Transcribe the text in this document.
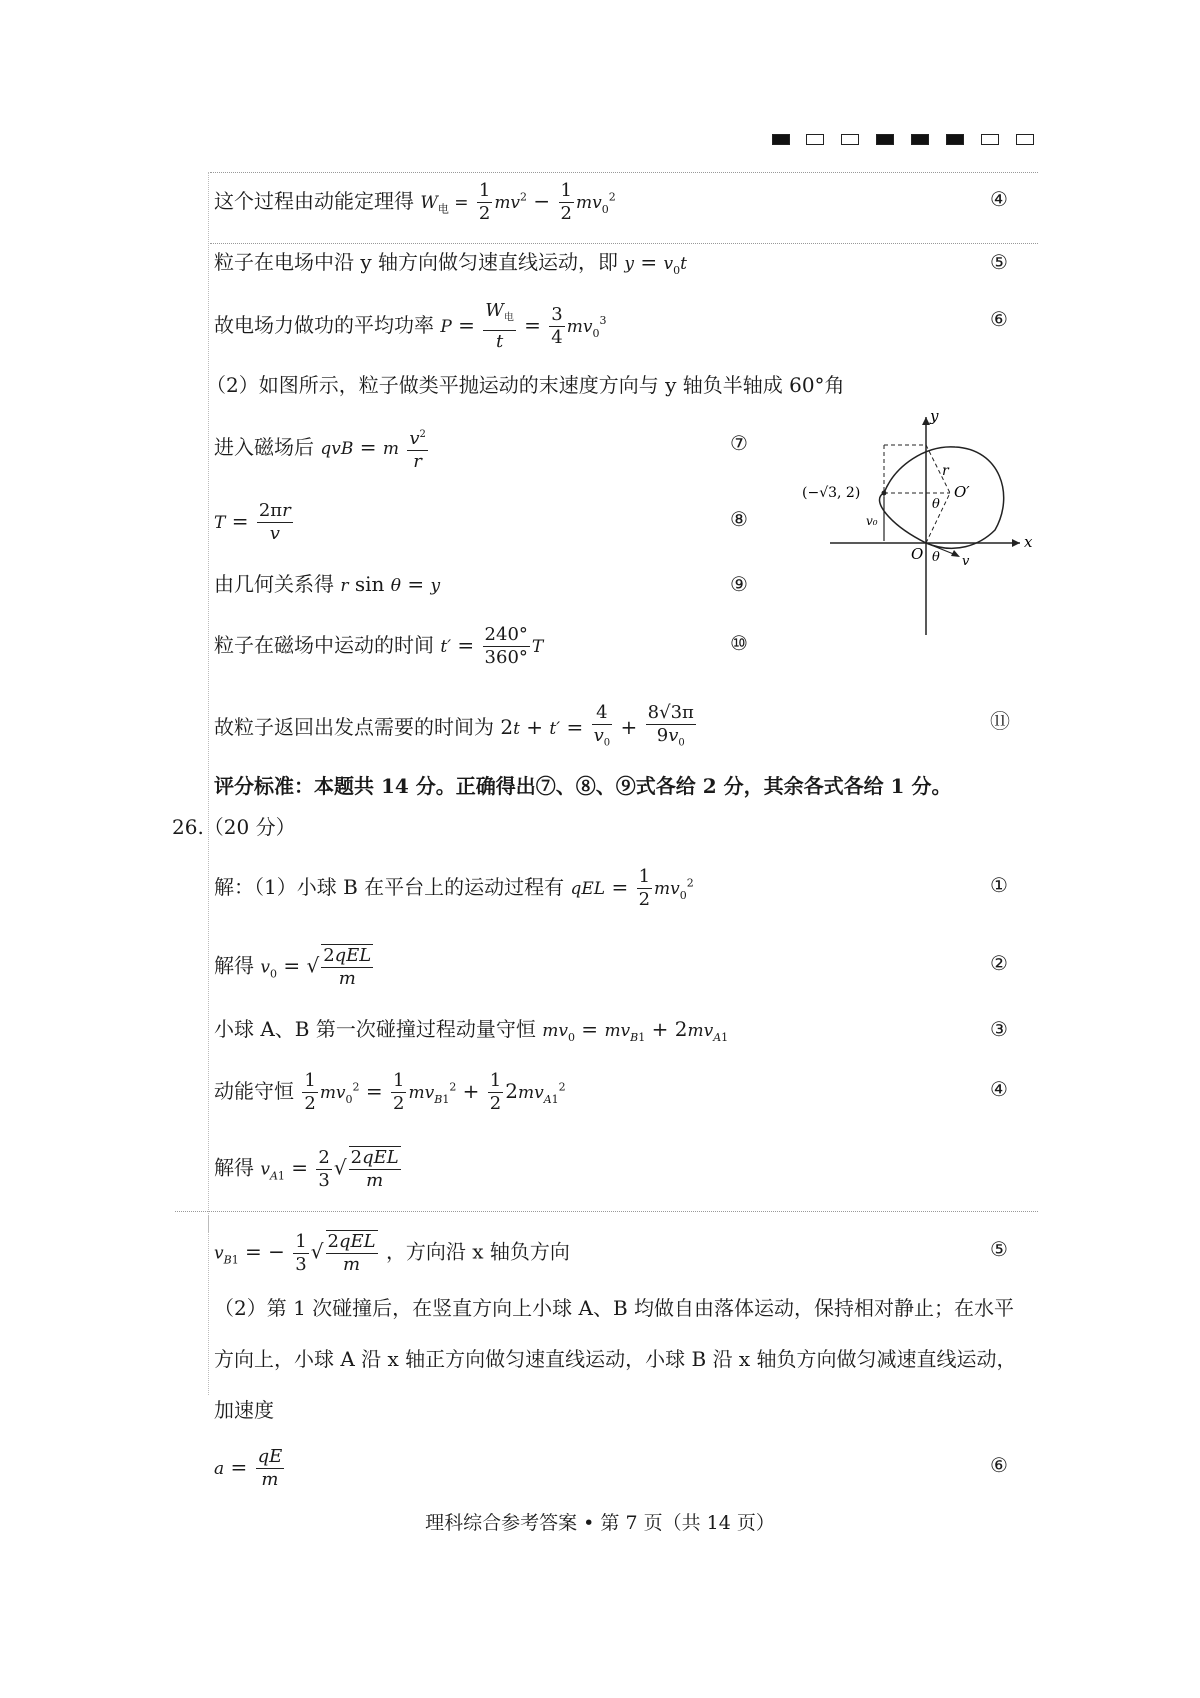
这个过程由动能定理得 $W_电 = \frac{1}{2} mv^2 - \frac{1}{2} mv_0^2$	④
粒子在电场中沿 y 轴方向做匀速直线运动，即 $y = v_0t$	⑤
故电场力做功的平均功率 $P = \frac{W_电}{t} = \frac{3}{4} mv_0^3$	⑥
（2）如图所示，粒子做类平抛运动的末速度方向与 y 轴负半轴成 60°角
进入磁场后 qvB = m $\frac{v^2}{r}$	⑦
$T = \frac{2\pi r}{v}$	⑧
由几何关系得 r sin θ = y	⑨
粒子在磁场中运动的时间 $t' = \frac{240^\circ}{360^\circ}$ T	⑩
故粒子返回出发点需要的时间为 $2t + t' = \frac{4}{v_0} + \frac{8√3\pi}{9v_0}$	⑪
评分标准：本题共 14 分。正确得出⑦、⑧、⑨式各给 2 分，其余各式各给 1 分。
26.（20 分）
解：（1）小球 B 在平台上的运动过程有 qEL = $\frac{1}{2} mv_0^2$	①
解得 $v_0$ = √ $\frac{\text{2qEL}}{m}$	②
小球 A、B 第一次碰撞过程动量守恒 $mv_0 = mv_{B1} + 2mv_{A1}$	③
动能守恒 $\frac{1}{2} mv_0^2 = \frac{1}{2} mv_{B1}^2 + \frac{1}{2} 2mv_{A1}^2$	④
解得 $v_{A1} = \frac{2}{3}$ √ $\frac{\text{2qEL}}{m}$
$v_{B1}$ = − $\frac{1}{3}$ √ $\frac{\text{2qEL}}{m}$ ，方向沿 x 轴负方向	⑤
（2）第 1 次碰撞后，在竖直方向上小球 A、B 均做自由落体运动，保持相对静止；在水平
方向上，小球 A 沿 x 轴正方向做匀速直线运动，小球 B 沿 x 轴负方向做匀减速直线运动，
加速度
$a = \frac{qE}{m}$	⑥
y
x
O
O′
(−√3, 2)
r
θ
θ v
v₀
理科综合参考答案 • 第 7 页（共 14 页）
